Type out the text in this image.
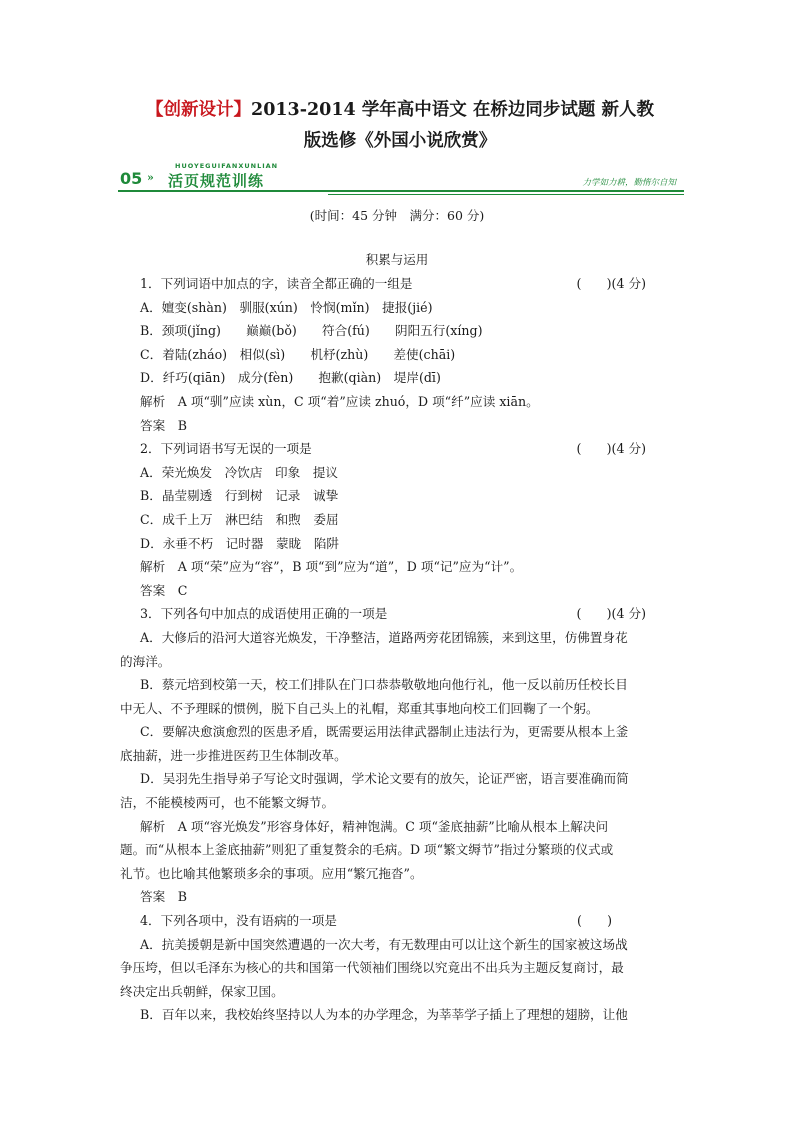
【创新设计】2013-2014 学年高中语文 在桥边同步试题 新人教
版选修《外国小说欣赏》
HUOYEGUIFANXUNLIAN
05 » 活页规范训练	力学如力耕，勤惰尔自知
(时间：45 分钟　满分：60 分)
积累与运用
1．下列词语中加点的字，读音全都正确的一组是	(　　)(4 分)
A．嬗变(shàn)　驯服(xún)　怜悯(mǐn)　捷报(jié)
B．颈项(jǐng)　　巅巅(bǒ)　　符合(fú)　　阴阳五行(xíng)
C．着陆(zháo)　相似(sì)　　机杼(zhù)　　差使(chāi)
D．纤巧(qiān)　成分(fèn)　　抱歉(qiàn)　堤岸(dī)
解析　A 项“驯”应读 xùn，C 项“着”应读 zhuó，D 项“纤”应读 xiān。
答案　B
2．下列词语书写无误的一项是	(　　)(4 分)
A．荣光焕发　冷饮店　印象　提议
B．晶莹剔透　行到树　记录　诚挚
C．成千上万　淋巴结　和煦　委屈
D．永垂不朽　记时器　蒙眬　陷阱
解析　A 项“荣”应为“容”，B 项“到”应为“道”，D 项“记”应为“计”。
答案　C
3．下列各句中加点的成语使用正确的一项是	(　　)(4 分)
A．大修后的沿河大道容光焕发，干净整洁，道路两旁花团锦簇，来到这里，仿佛置身花
的海洋。
B．蔡元培到校第一天，校工们排队在门口恭恭敬敬地向他行礼，他一反以前历任校长目
中无人、不予理睬的惯例，脱下自己头上的礼帽，郑重其事地向校工们回鞠了一个躬。
C．要解决愈演愈烈的医患矛盾，既需要运用法律武器制止违法行为，更需要从根本上釜
底抽薪，进一步推进医药卫生体制改革。
D．吴羽先生指导弟子写论文时强调，学术论文要有的放矢，论证严密，语言要准确而简
洁，不能模棱两可，也不能繁文缛节。
解析　A 项“容光焕发”形容身体好，精神饱满。C 项“釜底抽薪”比喻从根本上解决问
题。而“从根本上釜底抽薪”则犯了重复赘余的毛病。D 项“繁文缛节”指过分繁琐的仪式或
礼节。也比喻其他繁琐多余的事项。应用“繁冗拖沓”。
答案　B
4．下列各项中，没有语病的一项是	(　　)
A．抗美援朝是新中国突然遭遇的一次大考，有无数理由可以让这个新生的国家被这场战
争压垮，但以毛泽东为核心的共和国第一代领袖们围绕以究竟出不出兵为主题反复商讨，最
终决定出兵朝鲜，保家卫国。
B．百年以来，我校始终坚持以人为本的办学理念，为莘莘学子插上了理想的翅膀，让他
